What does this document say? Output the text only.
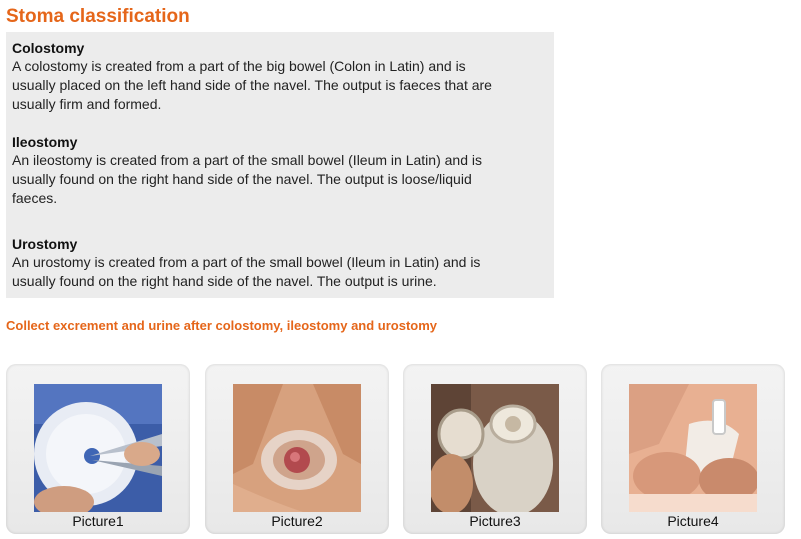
Stoma classification
Colostomy

A colostomy is created from a part of the big bowel (Colon in Latin) and is usually placed on the left hand side of the navel. The output is faeces that are usually firm and formed.

Ileostomy

An ileostomy is created from a part of the small bowel (Ileum in Latin) and is usually found on the right hand side of the navel. The output is loose/liquid faeces.

Urostomy

An urostomy is created from a part of the small bowel (Ileum in Latin) and is usually found on the right hand side of the navel. The output is urine.

Collect excrement and urine after colostomy, ileostomy and urostomy
Picture1	Picture2	Picture3	Picture4
